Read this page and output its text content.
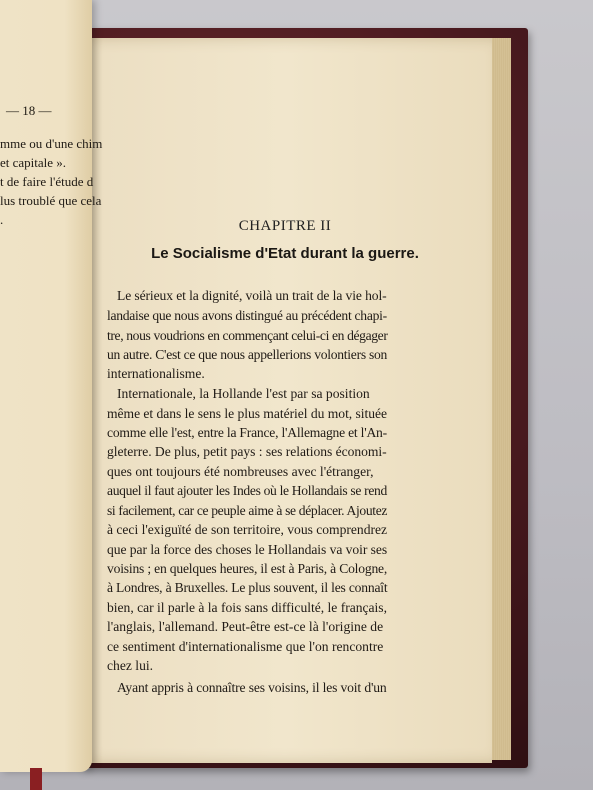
— 18 —
mme ou d'une chim
et capitale ».
t de faire l'étude d
lus troublé que cela
.	CHAPITRE II
Le Socialisme d'Etat durant la guerre.
Le sérieux et la dignité, voilà un trait de la vie hol-
landaise que nous avons distingué au précédent chapi-
tre, nous voudrions en commençant celui-ci en dégager
un autre. C'est ce que nous appellerions volontiers son
internationalisme.
Internationale, la Hollande l'est par sa position
même et dans le sens le plus matériel du mot, située
comme elle l'est, entre la France, l'Allemagne et l'An-
gleterre. De plus, petit pays : ses relations économi-
ques ont toujours été nombreuses avec l'étranger,
auquel il faut ajouter les Indes où le Hollandais se rend
si facilement, car ce peuple aime à se déplacer. Ajoutez
à ceci l'exiguïté de son territoire, vous comprendrez
que par la force des choses le Hollandais va voir ses
voisins ; en quelques heures, il est à Paris, à Cologne,
à Londres, à Bruxelles. Le plus souvent, il les connaît
bien, car il parle à la fois sans difficulté, le français,
l'anglais, l'allemand. Peut-être est-ce là l'origine de
ce sentiment d'internationalisme que l'on rencontre
chez lui.
Ayant appris à connaître ses voisins, il les voit d'un
